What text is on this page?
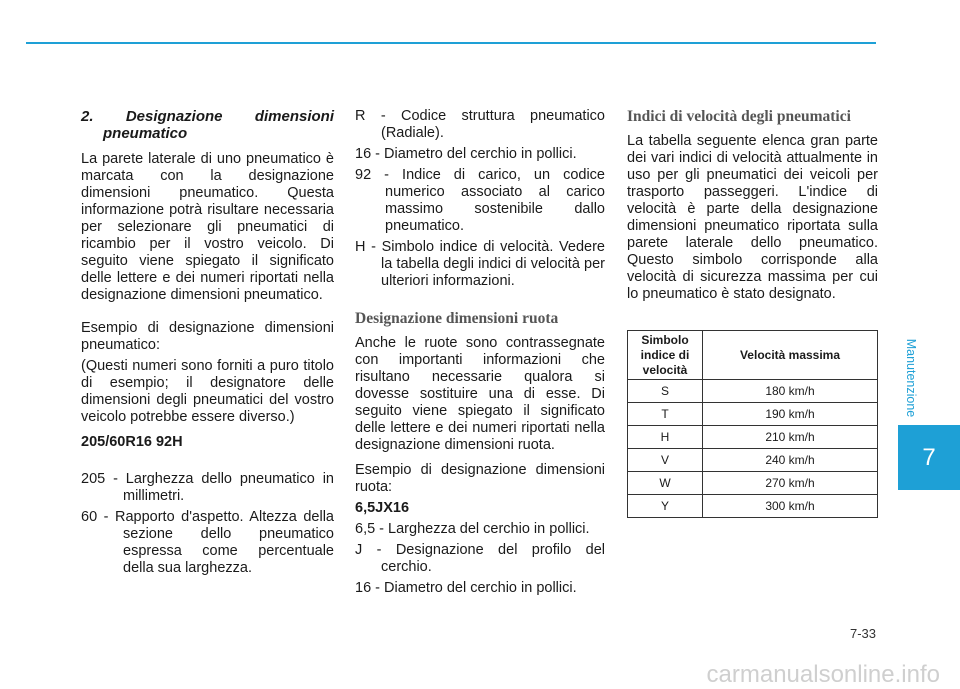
2. Designazione dimensioni pneumatico

La parete laterale di uno pneumatico è marcata con la designazione dimensioni pneumatico. Questa informazione potrà risultare necessaria per selezionare gli pneumatici di ricambio per il vostro veicolo. Di seguito viene spiegato il significato delle lettere e dei numeri riportati nella designazione dimensioni pneumatico.

Esempio di designazione dimensioni pneumatico:

(Questi numeri sono forniti a puro titolo di esempio; il designatore delle dimensioni degli pneumatici del vostro veicolo potrebbe essere diverso.)

205/60R16 92H

205 - Larghezza dello pneumatico in millimetri.

60 - Rapporto d'aspetto. Altezza della sezione dello pneumatico espressa come percentuale della sua larghezza.

R - Codice struttura pneumatico (Radiale).

16 - Diametro del cerchio in pollici.

92 - Indice di carico, un codice numerico associato al carico massimo sostenibile dallo pneumatico.

H - Simbolo indice di velocità. Vedere la tabella degli indici di velocità per ulteriori informazioni.

Designazione dimensioni ruota

Anche le ruote sono contrassegnate con importanti informazioni che risultano necessarie qualora si dovesse sostituire una di esse. Di seguito viene spiegato il significato delle lettere e dei numeri riportati nella designazione dimensioni ruota.

Esempio di designazione dimensioni ruota:

6,5JX16

6,5 - Larghezza del cerchio in pollici.

J - Designazione del profilo del cerchio.

16 - Diametro del cerchio in pollici.

Indici di velocità degli pneumatici

La tabella seguente elenca gran parte dei vari indici di velocità attualmente in uso per gli pneumatici dei veicoli per trasporto passeggeri. L'indice di velocità è parte della designazione dimensioni pneumatico riportata sulla parete laterale dello pneumatico. Questo simbolo corrisponde alla velocità di sicurezza massima per cui lo pneumatico è stato designato.

Simbolo indice di velocità	Velocità massima
S	180 km/h
T	190 km/h
H	210 km/h
V	240 km/h
W	270 km/h
Y	300 km/h
Manutenzione
7
7-33
carmanualsonline.info
